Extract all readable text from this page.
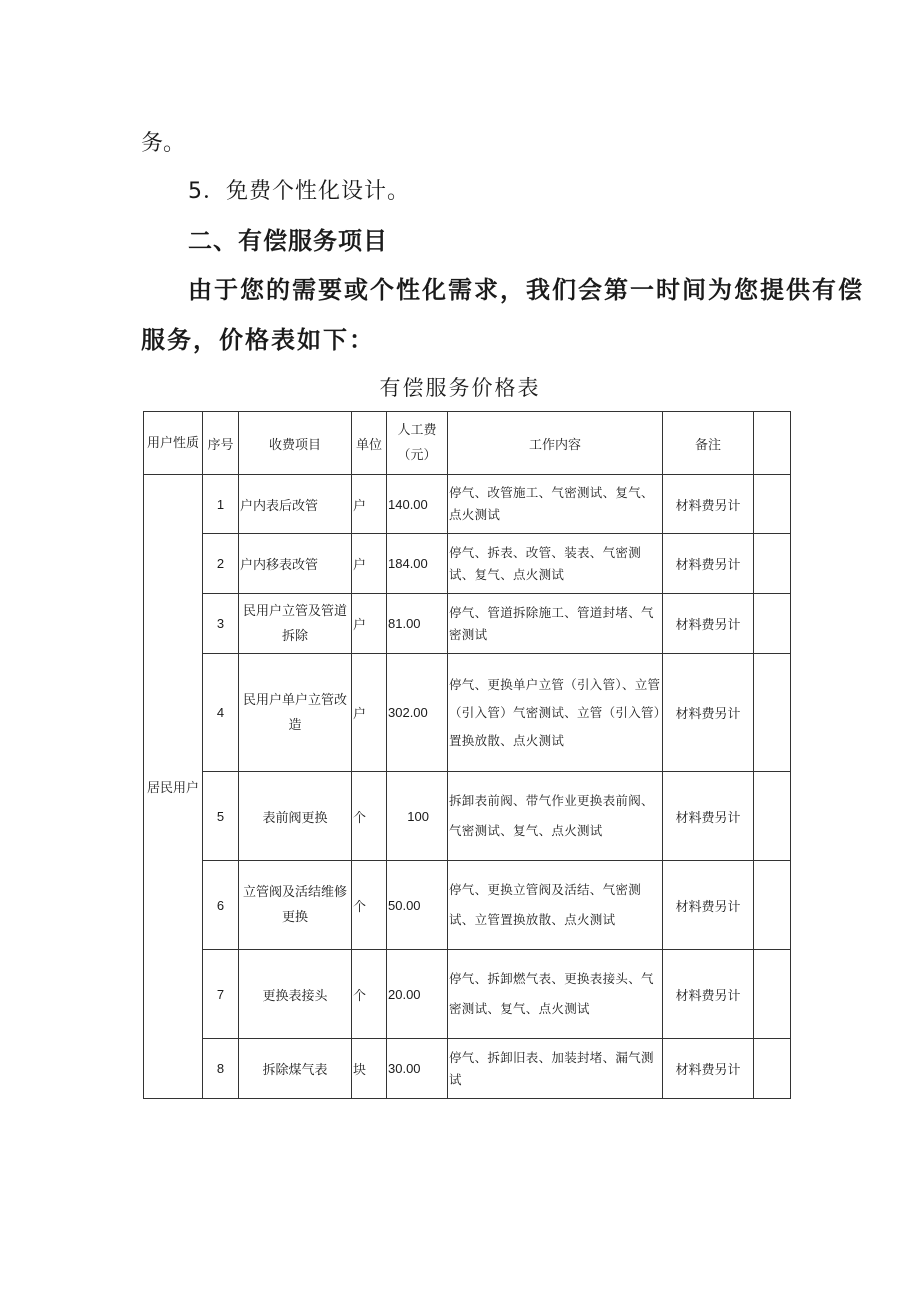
务。
5．免费个性化设计。
二、有偿服务项目
由于您的需要或个性化需求，我们会第一时间为您提供有偿
服务，价格表如下：
有偿服务价格表
用户性质	序号	收费项目	单位	人工费（元）	工作内容	备注	
居民用户	1	户内表后改管	户	140.00	停气、改管施工、气密测试、复气、点火测试	材料费另计	
	2	户内移表改管	户	184.00	停气、拆表、改管、装表、气密测试、复气、点火测试	材料费另计	
	3	民用户立管及管道拆除	户	81.00	停气、管道拆除施工、管道封堵、气密测试	材料费另计	
	4	民用户单户立管改造	户	302.00	停气、更换单户立管（引入管）、立管（引入管）气密测试、立管（引入管）置换放散、点火测试	材料费另计	
	5	表前阀更换	个	100	拆卸表前阀、带气作业更换表前阀、气密测试、复气、点火测试	材料费另计	
	6	立管阀及活结维修更换	个	50.00	停气、更换立管阀及活结、气密测试、立管置换放散、点火测试	材料费另计	
	7	更换表接头	个	20.00	停气、拆卸燃气表、更换表接头、气密测试、复气、点火测试	材料费另计	
	8	拆除煤气表	块	30.00	停气、拆卸旧表、加装封堵、漏气测试	材料费另计	
